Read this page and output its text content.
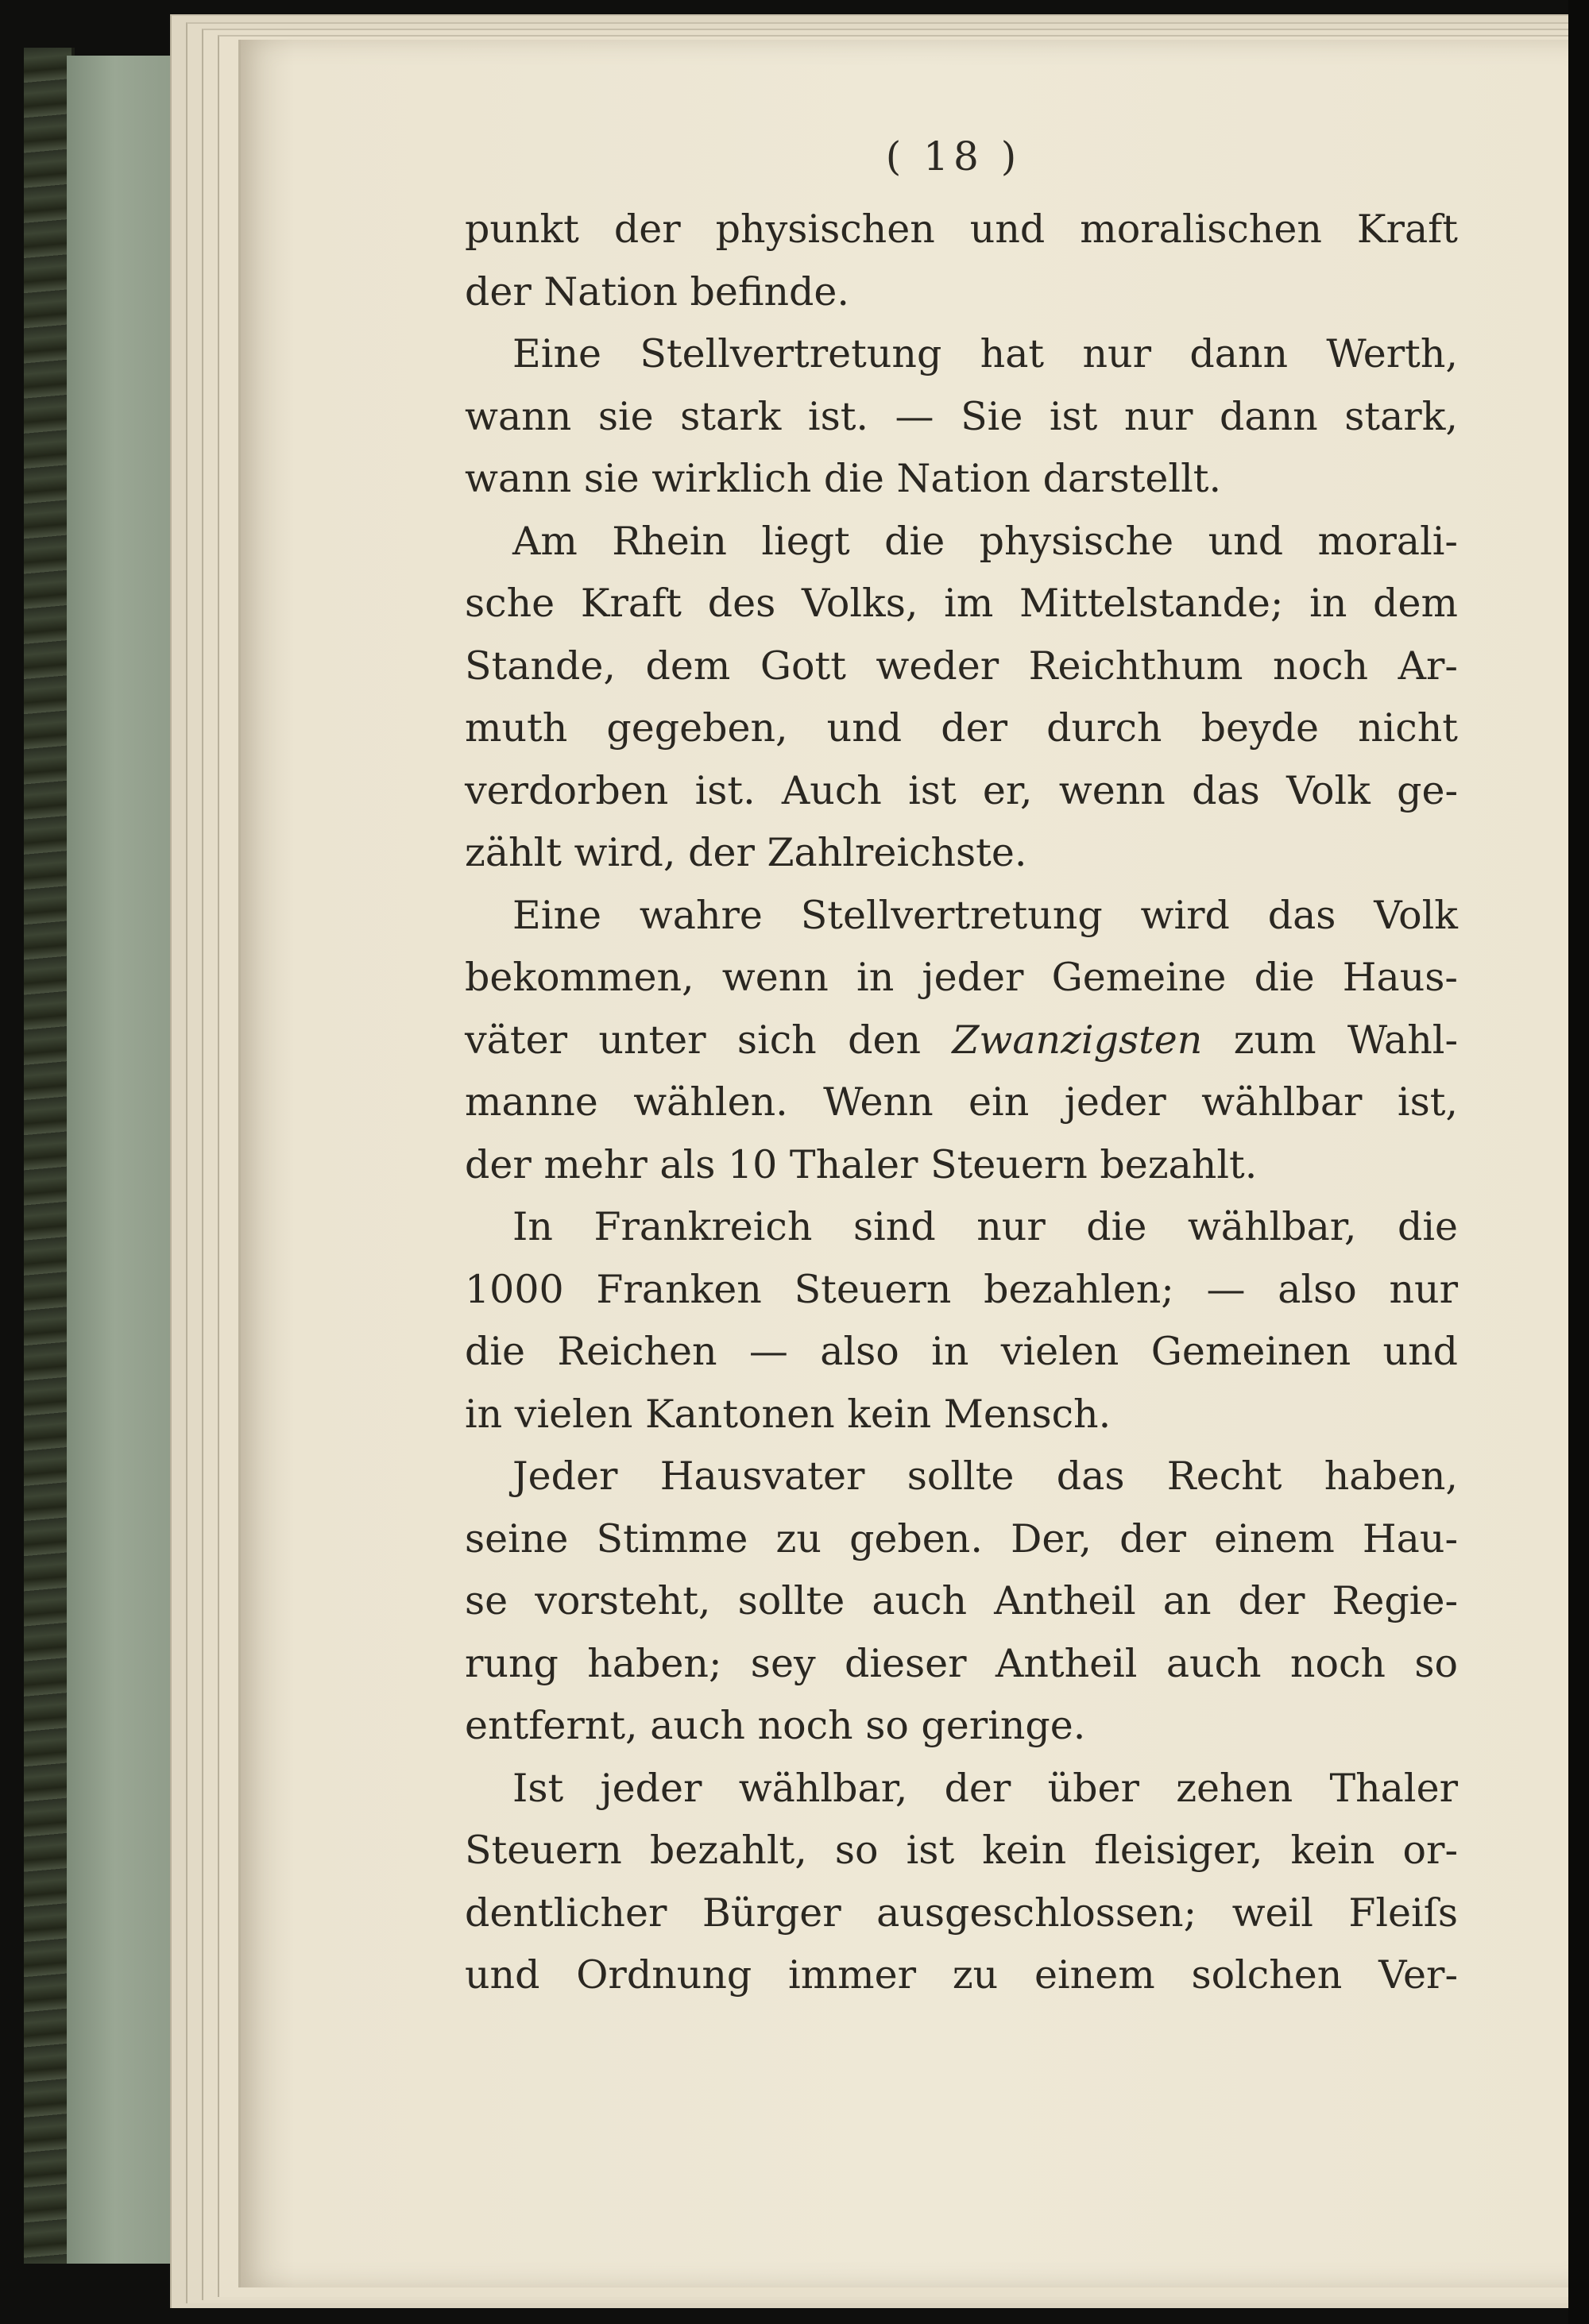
( 18 )
punkt der physischen und moralischen Kraft
der Nation befinde.
Eine Stellvertretung hat nur dann Werth,
wann sie stark ist. — Sie ist nur dann stark,
wann sie wirklich die Nation darstellt.
Am Rhein liegt die physische und morali-
sche Kraft des Volks, im Mittelstande; in dem
Stande, dem Gott weder Reichthum noch Ar-
muth gegeben, und der durch beyde nicht
verdorben ist. Auch ist er, wenn das Volk ge-
zählt wird, der Zahlreichste.
Eine wahre Stellvertretung wird das Volk
bekommen, wenn in jeder Gemeine die Haus-
väter unter sich den Zwanzigsten zum Wahl-
manne wählen. Wenn ein jeder wählbar ist,
der mehr als 10 Thaler Steuern bezahlt.
In Frankreich sind nur die wählbar, die
1000 Franken Steuern bezahlen; — also nur
die Reichen — also in vielen Gemeinen und
in vielen Kantonen kein Mensch.
Jeder Hausvater sollte das Recht haben,
seine Stimme zu geben. Der, der einem Hau-
se vorsteht, sollte auch Antheil an der Regie-
rung haben; sey dieser Antheil auch noch so
entfernt, auch noch so geringe.
Ist jeder wählbar, der über zehen Thaler
Steuern bezahlt, so ist kein fleisiger, kein or-
dentlicher Bürger ausgeschlossen; weil Fleiſs
und Ordnung immer zu einem solchen Ver-
